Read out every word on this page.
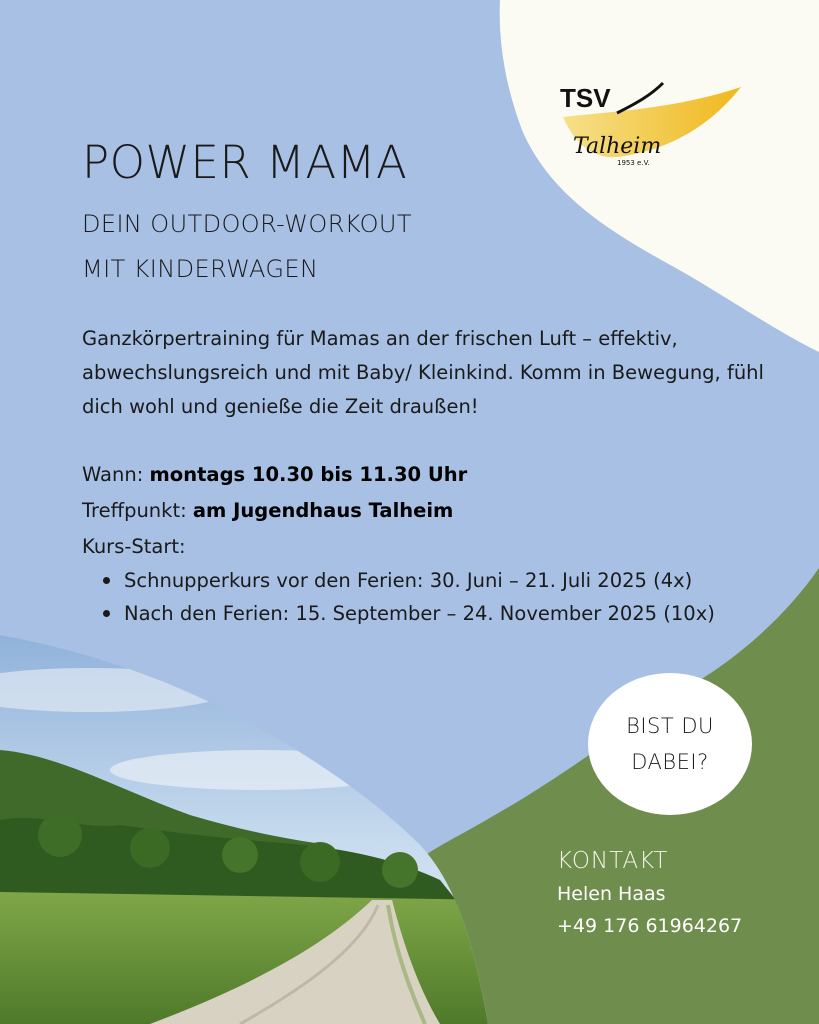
TSV
Talheim
1953 e.V.
POWER MAMA
DEIN OUTDOOR-WORKOUT
MIT KINDERWAGEN

Ganzkörpertraining für Mamas an der frischen Luft – effektiv, abwechslungsreich und mit Baby/ Kleinkind. Komm in Bewegung, fühl dich wohl und genieße die Zeit draußen!

Wann: montags 10.30 bis 11.30 Uhr
Treffpunkt: am Jugendhaus Talheim
Kurs-Start:
Schnupperkurs vor den Ferien: 30. Juni – 21. Juli 2025 (4x)
Nach den Ferien: 15. September – 24. November 2025 (10x)
BIST DU
DABEI?
KONTAKT
Helen Haas
+49 176 61964267
